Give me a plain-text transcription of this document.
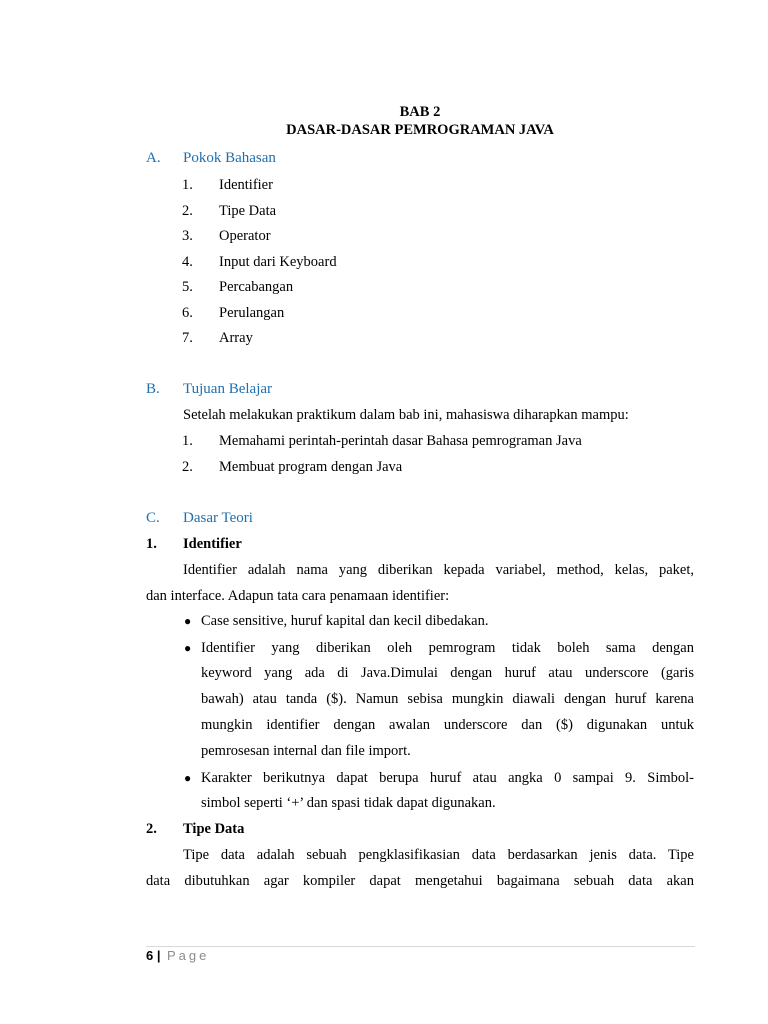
BAB 2
DASAR-DASAR PEMROGRAMAN JAVA
A. Pokok Bahasan
1. Identifier
2. Tipe Data
3. Operator
4. Input dari Keyboard
5. Percabangan
6. Perulangan
7. Array
B. Tujuan Belajar
Setelah melakukan praktikum dalam bab ini, mahasiswa diharapkan mampu:
1. Memahami perintah-perintah dasar Bahasa pemrograman Java
2. Membuat program dengan Java
C. Dasar Teori
1. Identifier
Identifier adalah nama yang diberikan kepada variabel, method, kelas, paket,
dan interface. Adapun tata cara penamaan identifier:
● Case sensitive, huruf kapital dan kecil dibedakan.
● Identifier yang diberikan oleh pemrogram tidak boleh sama dengan
keyword yang ada di Java.Dimulai dengan huruf atau underscore (garis
bawah) atau tanda ($). Namun sebisa mungkin diawali dengan huruf karena
mungkin identifier dengan awalan underscore dan ($) digunakan untuk
pemrosesan internal dan file import.
● Karakter berikutnya dapat berupa huruf atau angka 0 sampai 9. Simbol-
simbol seperti ‘+’ dan spasi tidak dapat digunakan.
2. Tipe Data
Tipe data adalah sebuah pengklasifikasian data berdasarkan jenis data. Tipe
data dibutuhkan agar kompiler dapat mengetahui bagaimana sebuah data akan
6 | Page
